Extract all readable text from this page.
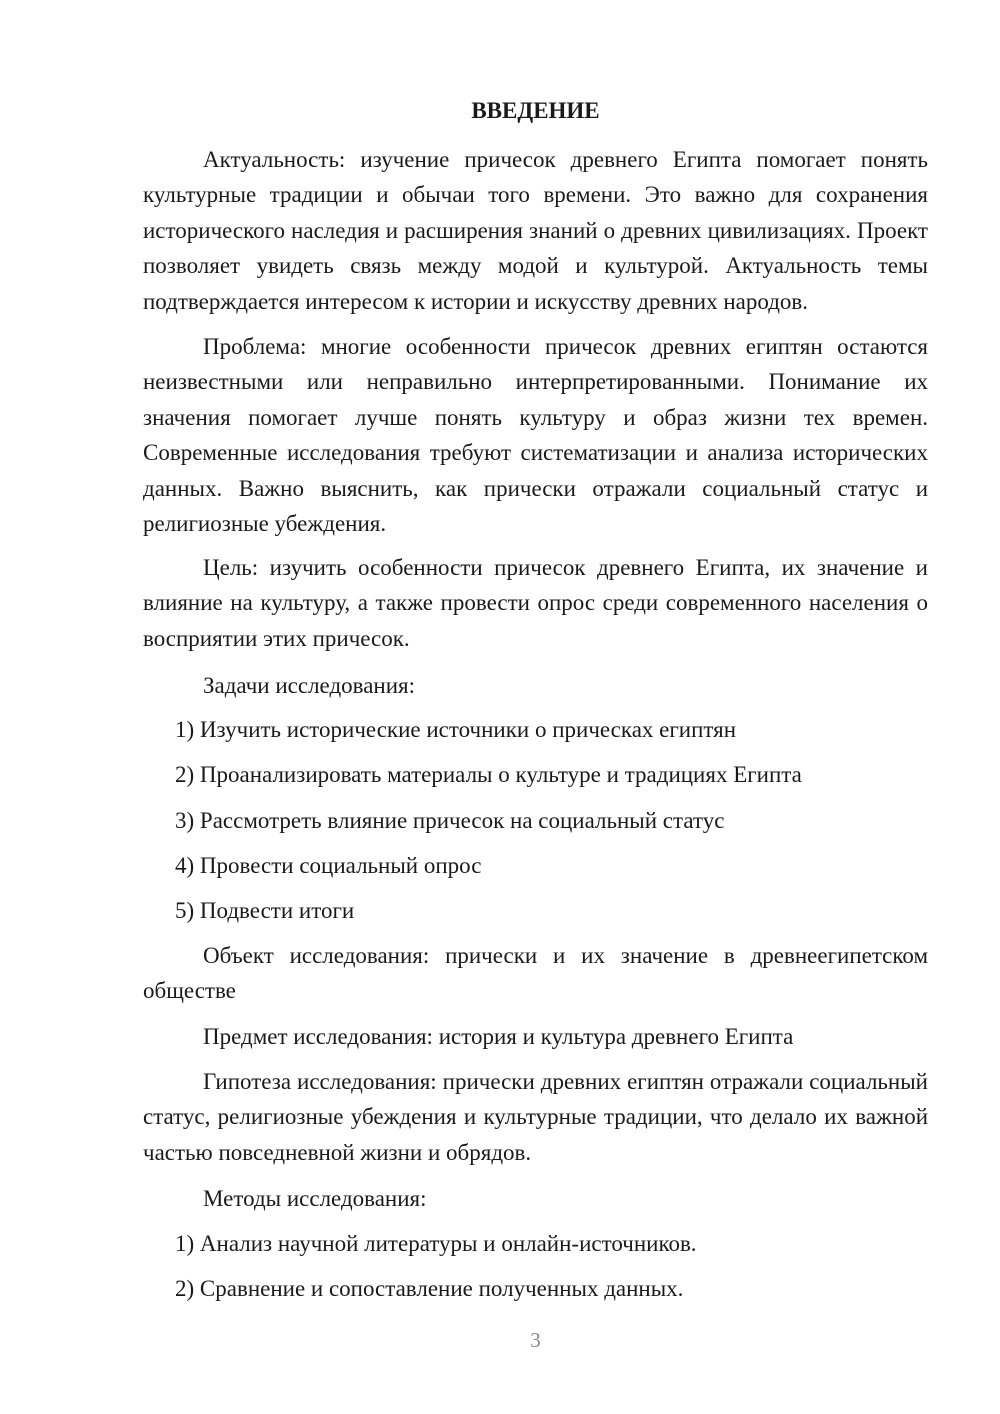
ВВЕДЕНИЕ

Актуальность: изучение причесок древнего Египта помогает понять культурные традиции и обычаи того времени. Это важно для сохранения исторического наследия и расширения знаний о древних цивилизациях. Проект позволяет увидеть связь между модой и культурой. Актуальность темы подтверждается интересом к истории и искусству древних народов.

Проблема: многие особенности причесок древних египтян остаются неизвестными или неправильно интерпретированными. Понимание их значения помогает лучше понять культуру и образ жизни тех времен. Современные исследования требуют систематизации и анализа исторических данных. Важно выяснить, как прически отражали социальный статус и религиозные убеждения.

Цель: изучить особенности причесок древнего Египта, их значение и влияние на культуру, а также провести опрос среди современного населения о восприятии этих причесок.

Задачи исследования:
1) Изучить исторические источники о прическах египтян
2) Проанализировать материалы о культуре и традициях Египта
3) Рассмотреть влияние причесок на социальный статус
4) Провести социальный опрос
5) Подвести итоги

Объект исследования: прически и их значение в древнеегипетском обществе

Предмет исследования: история и культура древнего Египта

Гипотеза исследования: прически древних египтян отражали социальный статус, религиозные убеждения и культурные традиции, что делало их важной частью повседневной жизни и обрядов.

Методы исследования:
1) Анализ научной литературы и онлайн-источников.
2) Сравнение и сопоставление полученных данных.
3
